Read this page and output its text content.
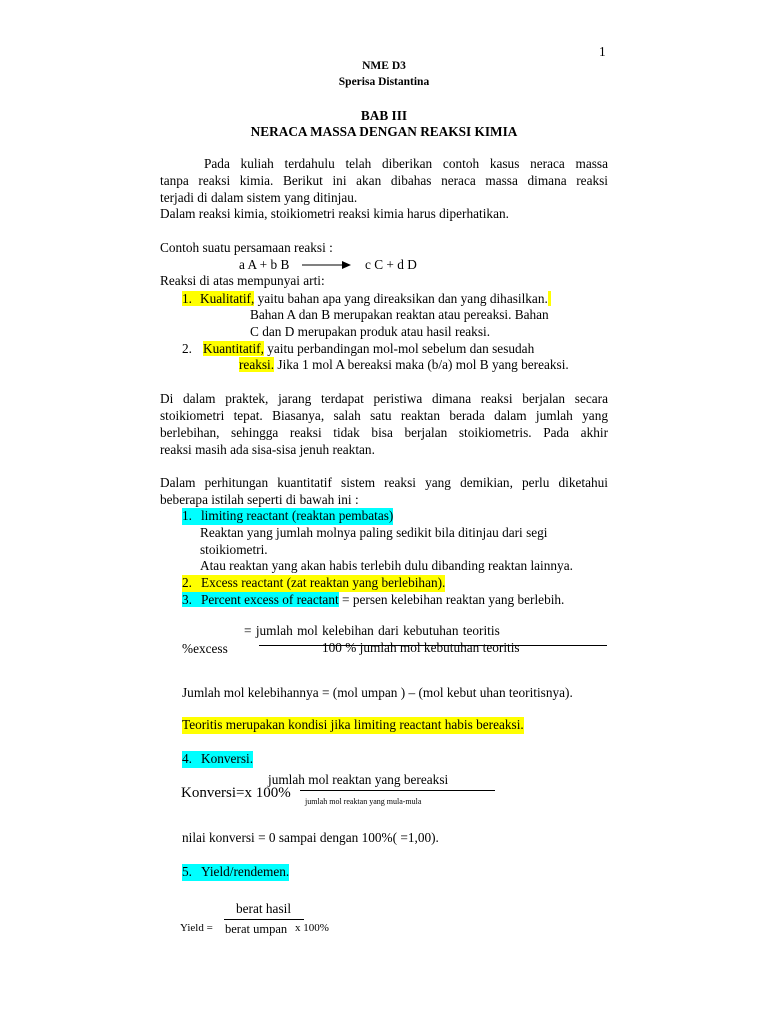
1
NME D3
Sperisa Distantina
BAB III
NERACA MASSA DENGAN REAKSI KIMIA
Pada kuliah terdahulu telah diberikan contoh kasus neraca massa
tanpa reaksi kimia. Berikut ini akan dibahas neraca massa dimana reaksi
terjadi di dalam sistem yang ditinjau.
Dalam reaksi kimia, stoikiometri reaksi kimia harus diperhatikan.
Contoh suatu persamaan reaksi :
a A + b B → c C + d D
Reaksi di atas mempunyai arti:
1. Kualitatif, yaitu bahan apa yang direaksikan dan yang dihasilkan.​
Bahan A dan B merupakan reaktan atau pereaksi. Bahan
C dan D merupakan produk atau hasil reaksi.
2. Kuantitatif, yaitu perbandingan mol-mol sebelum dan sesudah
reaksi. Jika 1 mol A bereaksi maka (b/a) mol B yang bereaksi.
Di dalam praktek, jarang terdapat peristiwa dimana reaksi berjalan secara
stoikiometri tepat. Biasanya, salah satu reaktan berada dalam jumlah yang
berlebihan, sehingga reaksi tidak bisa berjalan stoikiometris. Pada akhir
reaksi masih ada sisa-sisa jenuh reaktan.
Dalam perhitungan kuantitatif sistem reaksi yang demikian, perlu diketahui
beberapa istilah seperti di bawah ini :
1. limiting reactant (reaktan pembatas)
Reaktan yang jumlah molnya paling sedikit bila ditinjau dari segi
stoikiometri.
Atau reaktan yang akan habis terlebih dulu dibanding reaktan lainnya.
2. Excess reactant (zat reaktan yang berlebihan).
3. Percent excess of reactant = persen kelebihan reaktan yang berlebih.
= jumlah mol kelebihan dari kebutuhan teoritis
%excess	100 % jumlah mol kebutuhan teoritis
Jumlah mol kelebihannya = (mol umpan ) – (mol kebut uhan teoritisnya).
Teoritis merupakan kondisi jika limiting reactant habis bereaksi.
4. Konversi.
jumlah mol reaktan yang bereaksi
Konversi=x 100%
jumlah mol reaktan yang mula-mula
nilai konversi = 0 sampai dengan 100%( =1,00).
5. Yield/rendemen.
berat hasil
Yield = berat umpan x 100%
